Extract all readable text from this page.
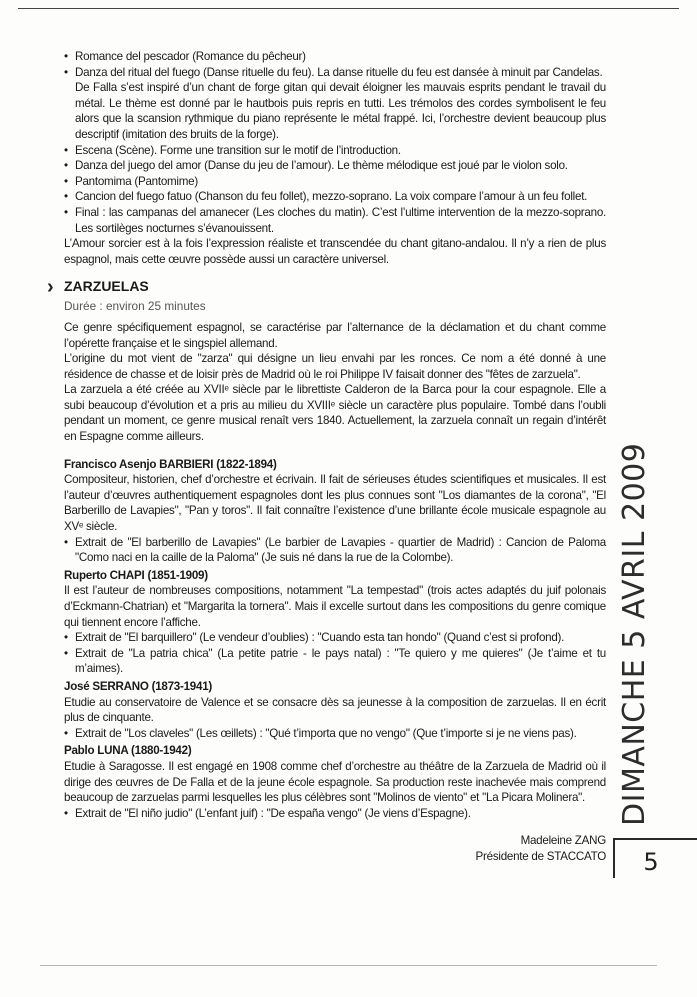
• Romance del pescador (Romance du pêcheur)
• Danza del ritual del fuego (Danse rituelle du feu). La danse rituelle du feu est dansée à minuit par Candelas.
De Falla s’est inspiré d’un chant de forge gitan qui devait éloigner les mauvais esprits pendant le travail du métal. Le thème est donné par le hautbois puis repris en tutti. Les trémolos des cordes symbolisent le feu alors que la scansion rythmique du piano représente le métal frappé. Ici, l’orchestre devient beaucoup plus descriptif (imitation des bruits de la forge).
• Escena (Scène). Forme une transition sur le motif de l’introduction.
• Danza del juego del amor (Danse du jeu de l’amour). Le thème mélodique est joué par le violon solo.
• Pantomima (Pantomime)
• Cancion del fuego fatuo (Chanson du feu follet), mezzo-soprano. La voix compare l’amour à un feu follet.
• Final : las campanas del amanecer (Les cloches du matin). C’est l’ultime intervention de la mezzo-soprano. Les sortilèges nocturnes s’évanouissent.

L’Amour sorcier est à la fois l’expression réaliste et transcendée du chant gitano-andalou. Il n’y a rien de plus espagnol, mais cette œuvre possède aussi un caractère universel.

› ZARZUELAS
Durée : environ 25 minutes

Ce genre spécifiquement espagnol, se caractérise par l’alternance de la déclamation et du chant comme l’opérette française et le singspiel allemand.

L’origine du mot vient de "zarza" qui désigne un lieu envahi par les ronces. Ce nom a été donné à une résidence de chasse et de loisir près de Madrid où le roi Philippe IV faisait donner des "fêtes de zarzuela".

La zarzuela a été créée au XVIIᵉ siècle par le librettiste Calderon de la Barca pour la cour espagnole. Elle a subi beaucoup d’évolution et a pris au milieu du XVIIIᵉ siècle un caractère plus populaire. Tombé dans l’oubli pendant un moment, ce genre musical renaît vers 1840. Actuellement, la zarzuela connaît un regain d’intérêt en Espagne comme ailleurs.

Francisco Asenjo BARBIERI (1822-1894)

Compositeur, historien, chef d’orchestre et écrivain. Il fait de sérieuses études scientifiques et musicales. Il est l’auteur d’œuvres authentiquement espagnoles dont les plus connues sont "Los diamantes de la corona", "El Barberillo de Lavapies", "Pan y toros". Il fait connaître l’existence d’une brillante école musicale espagnole au XVᵉ siècle.

• Extrait de "El barberillo de Lavapies" (Le barbier de Lavapies - quartier de Madrid) : Cancion de Paloma "Como naci en la caille de la Paloma" (Je suis né dans la rue de la Colombe).
Ruperto CHAPI (1851-1909)

Il est l’auteur de nombreuses compositions, notamment "La tempestad" (trois actes adaptés du juif polonais d’Eckmann-Chatrian) et "Margarita la tornera". Mais il excelle surtout dans les compositions du genre comique qui tiennent encore l’affiche.

• Extrait de "El barquillero" (Le vendeur d’oublies) : "Cuando esta tan hondo" (Quand c’est si profond).
• Extrait de "La patria chica" (La petite patrie - le pays natal) : "Te quiero y me quieres" (Je t’aime et tu m’aimes).
José SERRANO (1873-1941)

Etudie au conservatoire de Valence et se consacre dès sa jeunesse à la composition de zarzuelas. Il en écrit plus de cinquante.

• Extrait de "Los claveles" (Les œillets) : "Qué t’importa que no vengo" (Que t’importe si je ne viens pas).
Pablo LUNA (1880-1942)

Etudie à Saragosse. Il est engagé en 1908 comme chef d’orchestre au théâtre de la Zarzuela de Madrid où il dirige des œuvres de De Falla et de la jeune école espagnole. Sa production reste inachevée mais comprend beaucoup de zarzuelas parmi lesquelles les plus célèbres sont "Molinos de viento" et "La Picara Molinera".

• Extrait de "El niño judio" (L’enfant juif) : "De españa vengo" (Je viens d’Espagne).
Madeleine ZANG
Présidente de STACCATO
DIMANCHE 5 AVRIL 2009
5
